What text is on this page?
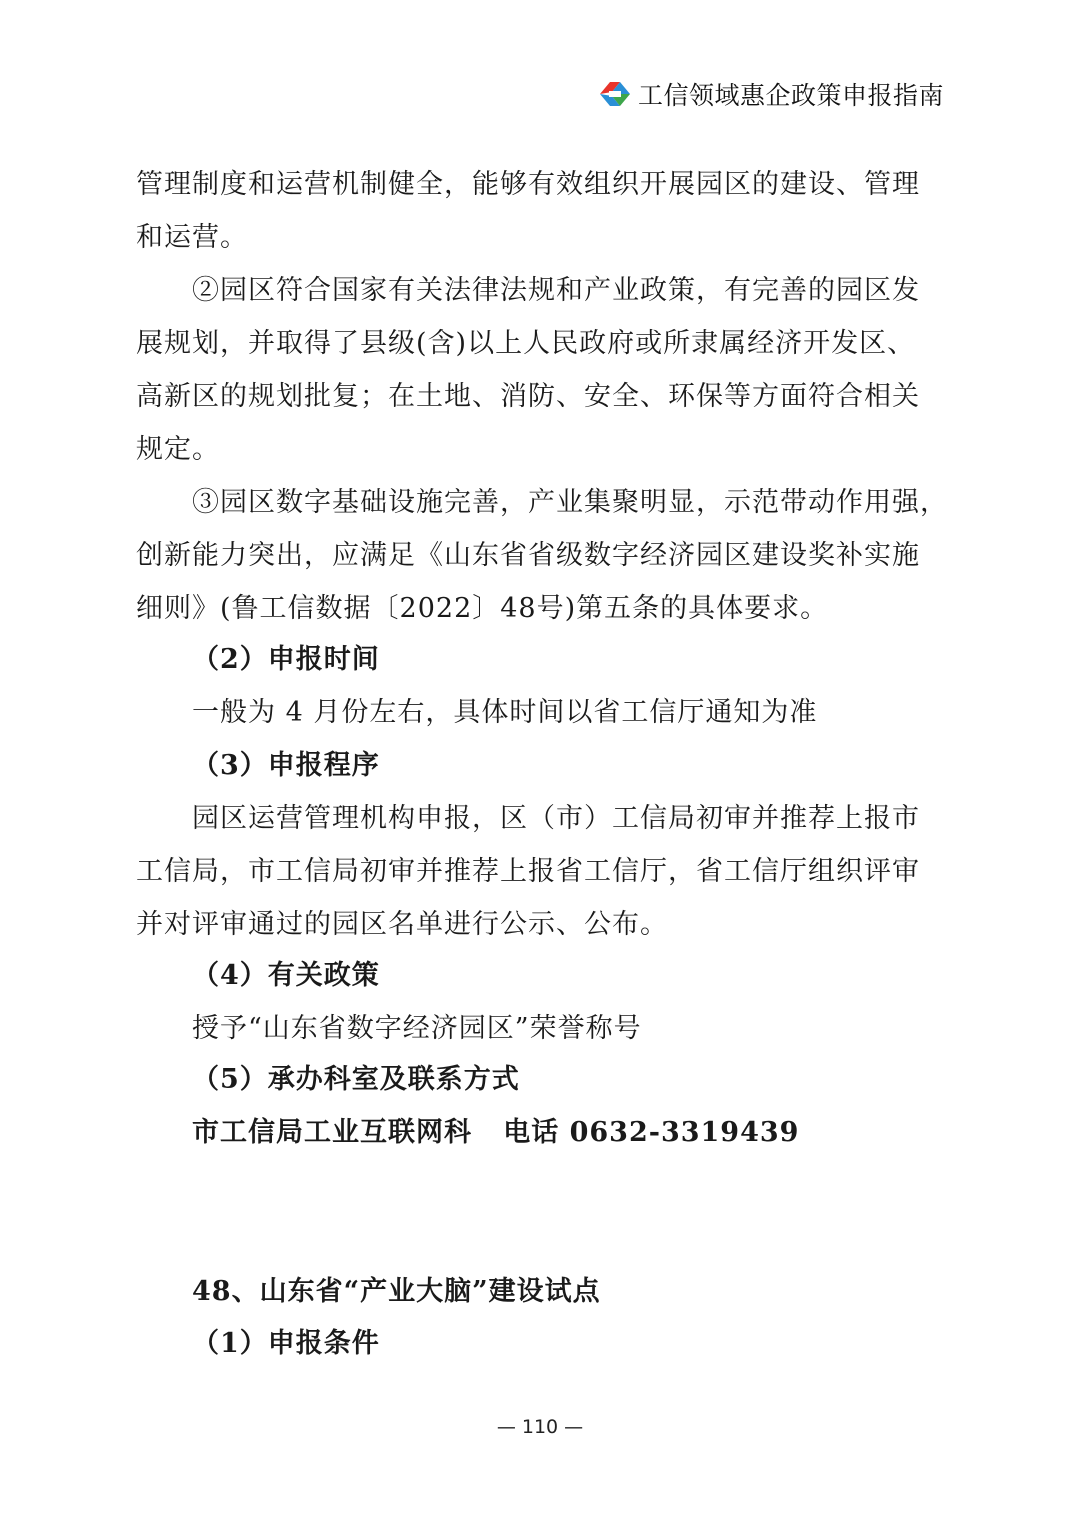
工信领域惠企政策申报指南
管理制度和运营机制健全，能够有效组织开展园区的建设、管理
和运营。
②园区符合国家有关法律法规和产业政策，有完善的园区发
展规划，并取得了县级(含)以上人民政府或所隶属经济开发区、
高新区的规划批复；在土地、消防、安全、环保等方面符合相关
规定。
③园区数字基础设施完善，产业集聚明显，示范带动作用强，
创新能力突出，应满足《山东省省级数字经济园区建设奖补实施
细则》(鲁工信数据〔2022〕48号)第五条的具体要求。
（2）申报时间
一般为 4 月份左右，具体时间以省工信厅通知为准
（3）申报程序
园区运营管理机构申报，区（市）工信局初审并推荐上报市
工信局，市工信局初审并推荐上报省工信厅，省工信厅组织评审
并对评审通过的园区名单进行公示、公布。
（4）有关政策
授予“山东省数字经济园区”荣誉称号
（5）承办科室及联系方式
市工信局工业互联网科   电话 0632-3319439
48、山东省“产业大脑”建设试点
（1）申报条件
— 110 —
